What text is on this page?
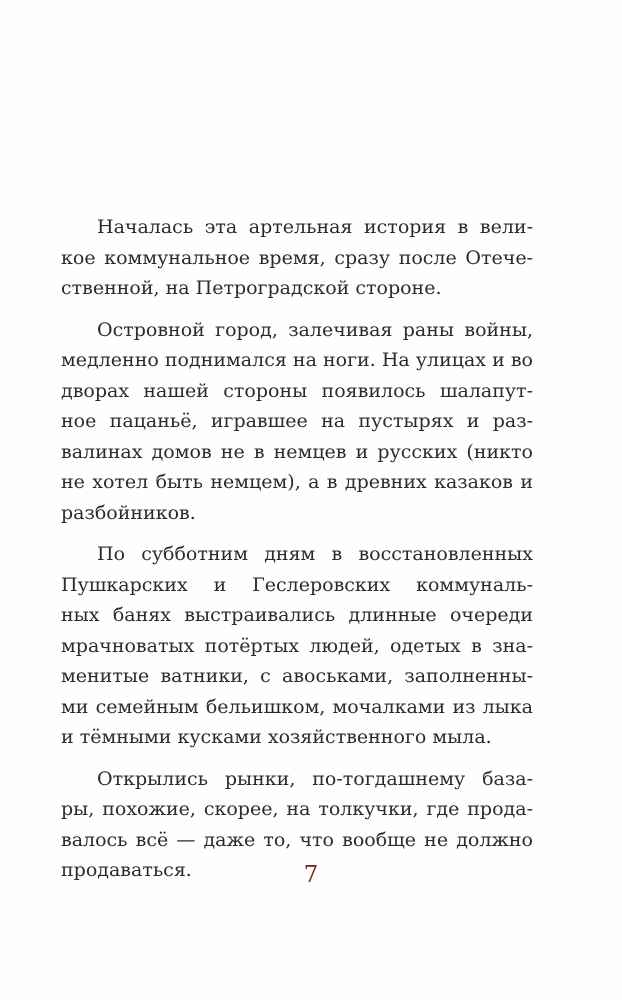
Началась эта артельная история в вели-
кое коммунальное время, сразу после Отече-
ственной, на Петроградской стороне.
Островной город, залечивая раны войны,
медленно поднимался на ноги. На улицах и во
дворах нашей стороны появилось шалапут-
ное пацаньё, игравшее на пустырях и раз-
валинах домов не в немцев и русских (никто
не хотел быть немцем), а в древних казаков и
разбойников.
По субботним дням в восстановленных
Пушкарских и Геслеровских коммуналь-
ных банях выстраивались длинные очереди
мрачноватых потёртых людей, одетых в зна-
менитые ватники, с авоськами, заполненны-
ми семейным бельишком, мочалками из лыка
и тёмными кусками хозяйственного мыла.
Открылись рынки, по-тогдашнему база-
ры, похожие, скорее, на толкучки, где прода-
валось всё — даже то, что вообще не должно
продаваться.	7
